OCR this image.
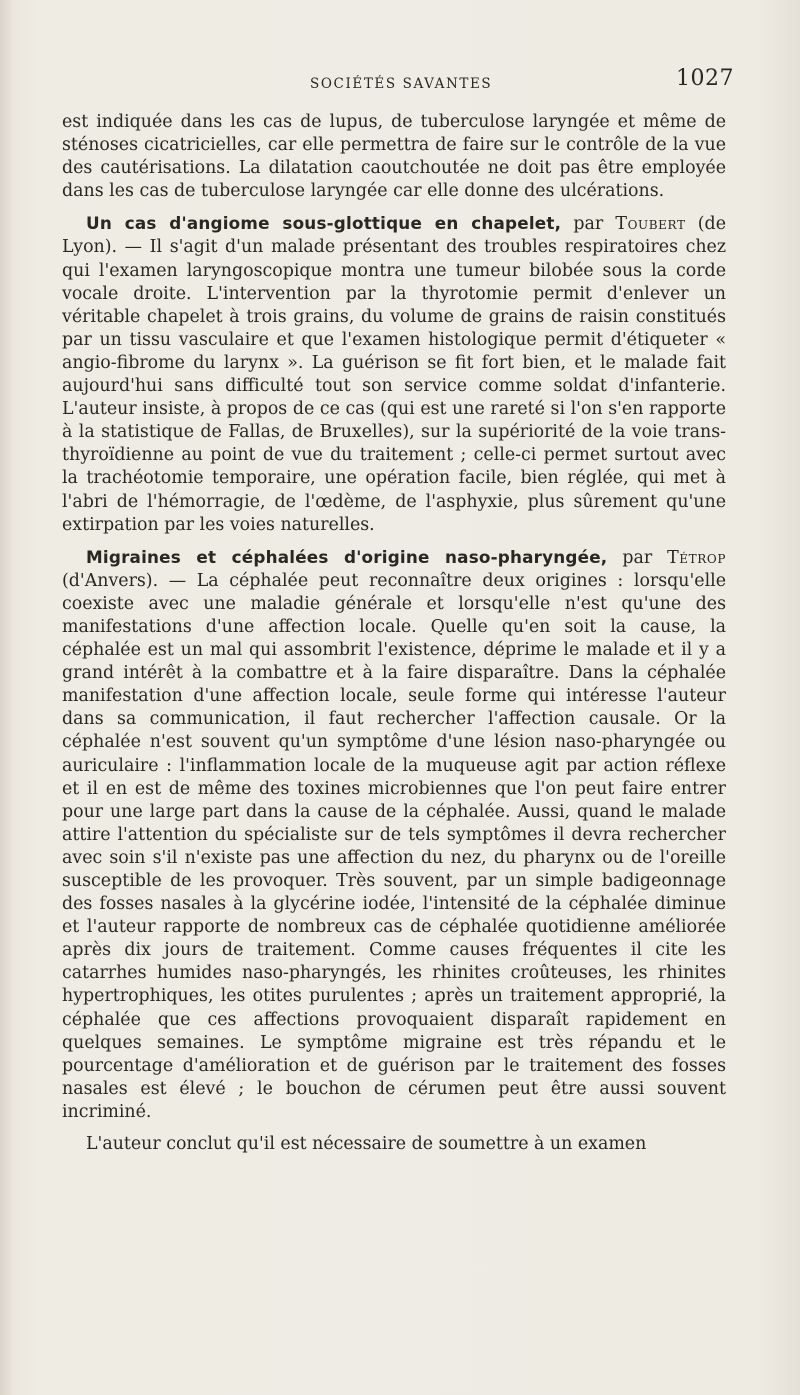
SOCIÉTÉS SAVANTES	1027

est indiquée dans les cas de lupus, de tuberculose laryngée et même de sténoses cicatricielles, car elle permettra de faire sur le contrôle de la vue des cautérisations. La dilatation caoutchoutée ne doit pas être employée dans les cas de tuberculose laryngée car elle donne des ulcérations.

Un cas d'angiome sous-glottique en chapelet, par Toubert (de Lyon). — Il s'agit d'un malade présentant des troubles respiratoires chez qui l'examen laryngoscopique montra une tumeur bilobée sous la corde vocale droite. L'intervention par la thyrotomie permit d'enlever un véritable chapelet à trois grains, du volume de grains de raisin constitués par un tissu vasculaire et que l'examen histologique permit d'étiqueter « angio-fibrome du larynx ». La guérison se fit fort bien, et le malade fait aujourd'hui sans difficulté tout son service comme soldat d'infanterie. L'auteur insiste, à propos de ce cas (qui est une rareté si l'on s'en rapporte à la statistique de Fallas, de Bruxelles), sur la supériorité de la voie trans-thyroïdienne au point de vue du traitement ; celle-ci permet surtout avec la trachéotomie temporaire, une opération facile, bien réglée, qui met à l'abri de l'hémorragie, de l'œdème, de l'asphyxie, plus sûrement qu'une extirpation par les voies naturelles.

Migraines et céphalées d'origine naso-pharyngée, par Tétrop (d'Anvers). — La céphalée peut reconnaître deux origines : lorsqu'elle coexiste avec une maladie générale et lorsqu'elle n'est qu'une des manifestations d'une affection locale. Quelle qu'en soit la cause, la céphalée est un mal qui assombrit l'existence, déprime le malade et il y a grand intérêt à la combattre et à la faire disparaître. Dans la céphalée manifestation d'une affection locale, seule forme qui intéresse l'auteur dans sa communication, il faut rechercher l'affection causale. Or la céphalée n'est souvent qu'un symptôme d'une lésion naso-pharyngée ou auriculaire : l'inflammation locale de la muqueuse agit par action réflexe et il en est de même des toxines microbiennes que l'on peut faire entrer pour une large part dans la cause de la céphalée. Aussi, quand le malade attire l'attention du spécialiste sur de tels symptômes il devra rechercher avec soin s'il n'existe pas une affection du nez, du pharynx ou de l'oreille susceptible de les provoquer. Très souvent, par un simple badigeonnage des fosses nasales à la glycérine iodée, l'intensité de la céphalée diminue et l'auteur rapporte de nombreux cas de céphalée quotidienne améliorée après dix jours de traitement. Comme causes fréquentes il cite les catarrhes humides naso-pharyngés, les rhinites croûteuses, les rhinites hypertrophiques, les otites purulentes ; après un traitement approprié, la céphalée que ces affections provoquaient disparaît rapidement en quelques semaines. Le symptôme migraine est très répandu et le pourcentage d'amélioration et de guérison par le traitement des fosses nasales est élevé ; le bouchon de cérumen peut être aussi souvent incriminé.

L'auteur conclut qu'il est nécessaire de soumettre à un examen
